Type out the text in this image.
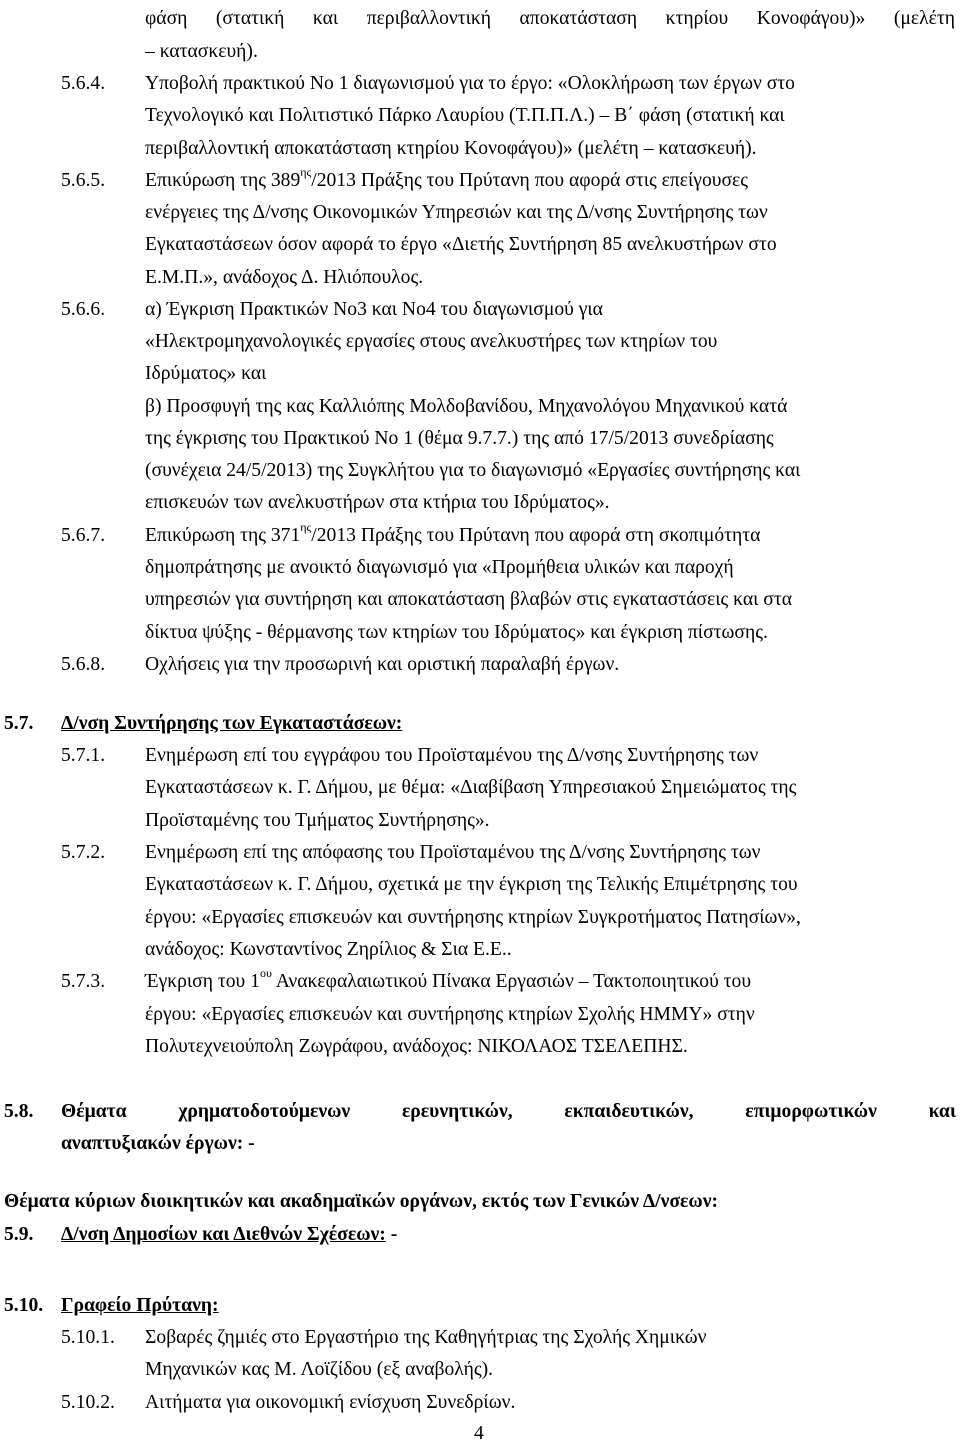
φάση (στατική και περιβαλλοντική αποκατάσταση κτηρίου Κονοφάγου)» (μελέτη
– κατασκευή).
5.6.4. Υποβολή πρακτικού Νο 1 διαγωνισμού για το έργο: «Ολοκλήρωση των έργων στο
Τεχνολογικό και Πολιτιστικό Πάρκο Λαυρίου (Τ.Π.Π.Λ.) – Β΄ φάση (στατική και
περιβαλλοντική αποκατάσταση κτηρίου Κονοφάγου)» (μελέτη – κατασκευή).
5.6.5. Επικύρωση της $389^{\eta\varsigma}/2013$ Πράξης του Πρύτανη που αφορά στις επείγουσες
ενέργειες της Δ/νσης Οικονομικών Υπηρεσιών και της Δ/νσης Συντήρησης των
Εγκαταστάσεων όσον αφορά το έργο «Διετής Συντήρηση 85 ανελκυστήρων στο
Ε.Μ.Π.», ανάδοχος Δ. Ηλιόπουλος.
5.6.6. α) Έγκριση Πρακτικών Νο3 και Νο4 του διαγωνισμού για
«Ηλεκτρομηχανολογικές εργασίες στους ανελκυστήρες των κτηρίων του
Ιδρύματος» και
β) Προσφυγή της κας Καλλιόπης Μολδοβανίδου, Μηχανολόγου Μηχανικού κατά
της έγκρισης του Πρακτικού Νο 1 (θέμα 9.7.7.) της από 17/5/2013 συνεδρίασης
(συνέχεια 24/5/2013) της Συγκλήτου για το διαγωνισμό «Εργασίες συντήρησης και
επισκευών των ανελκυστήρων στα κτήρια του Ιδρύματος».
5.6.7. Επικύρωση της $371^{\eta\varsigma}/2013$ Πράξης του Πρύτανη που αφορά στη σκοπιμότητα
δημοπράτησης με ανοικτό διαγωνισμό για «Προμήθεια υλικών και παροχή
υπηρεσιών για συντήρηση και αποκατάσταση βλαβών στις εγκαταστάσεις και στα
δίκτυα ψύξης - θέρμανσης των κτηρίων του Ιδρύματος» και έγκριση πίστωσης.
5.6.8. Οχλήσεις για την προσωρινή και οριστική παραλαβή έργων.
5.7. Δ/νση Συντήρησης των Εγκαταστάσεων:
5.7.1. Ενημέρωση επί του εγγράφου του Προϊσταμένου της Δ/νσης Συντήρησης των
Εγκαταστάσεων κ. Γ. Δήμου, με θέμα: «Διαβίβαση Υπηρεσιακού Σημειώματος της
Προϊσταμένης του Τμήματος Συντήρησης».
5.7.2. Ενημέρωση επί της απόφασης του Προϊσταμένου της Δ/νσης Συντήρησης των
Εγκαταστάσεων κ. Γ. Δήμου, σχετικά με την έγκριση της Τελικής Επιμέτρησης του
έργου: «Εργασίες επισκευών και συντήρησης κτηρίων Συγκροτήματος Πατησίων»,
ανάδοχος: Κωνσταντίνος Ζηρίλιος & Σια Ε.Ε..
5.7.3. Έγκριση του $1^{o\upsilon}$ Ανακεφαλαιωτικού Πίνακα Εργασιών – Τακτοποιητικού του
έργου: «Εργασίες επισκευών και συντήρησης κτηρίων Σχολής ΗΜΜΥ» στην
Πολυτεχνειούπολη Ζωγράφου, ανάδοχος: ΝΙΚΟΛΑΟΣ ΤΣΕΛΕΠΗΣ.
5.8. Θέματα	χρηματοδοτούμενων	ερευνητικών,	εκπαιδευτικών,	επιμορφωτικών	και
αναπτυξιακών έργων: -
Θέματα κύριων διοικητικών και ακαδημαϊκών οργάνων, εκτός των Γενικών Δ/νσεων:
5.9. Δ/νση Δημοσίων και Διεθνών Σχέσεων: -
5.10. Γραφείο Πρύτανη:
5.10.1. Σοβαρές ζημιές στο Εργαστήριο της Καθηγήτριας της Σχολής Χημικών
Μηχανικών κας Μ. Λοϊζίδου (εξ αναβολής).
5.10.2. Αιτήματα για οικονομική ενίσχυση Συνεδρίων.
4
